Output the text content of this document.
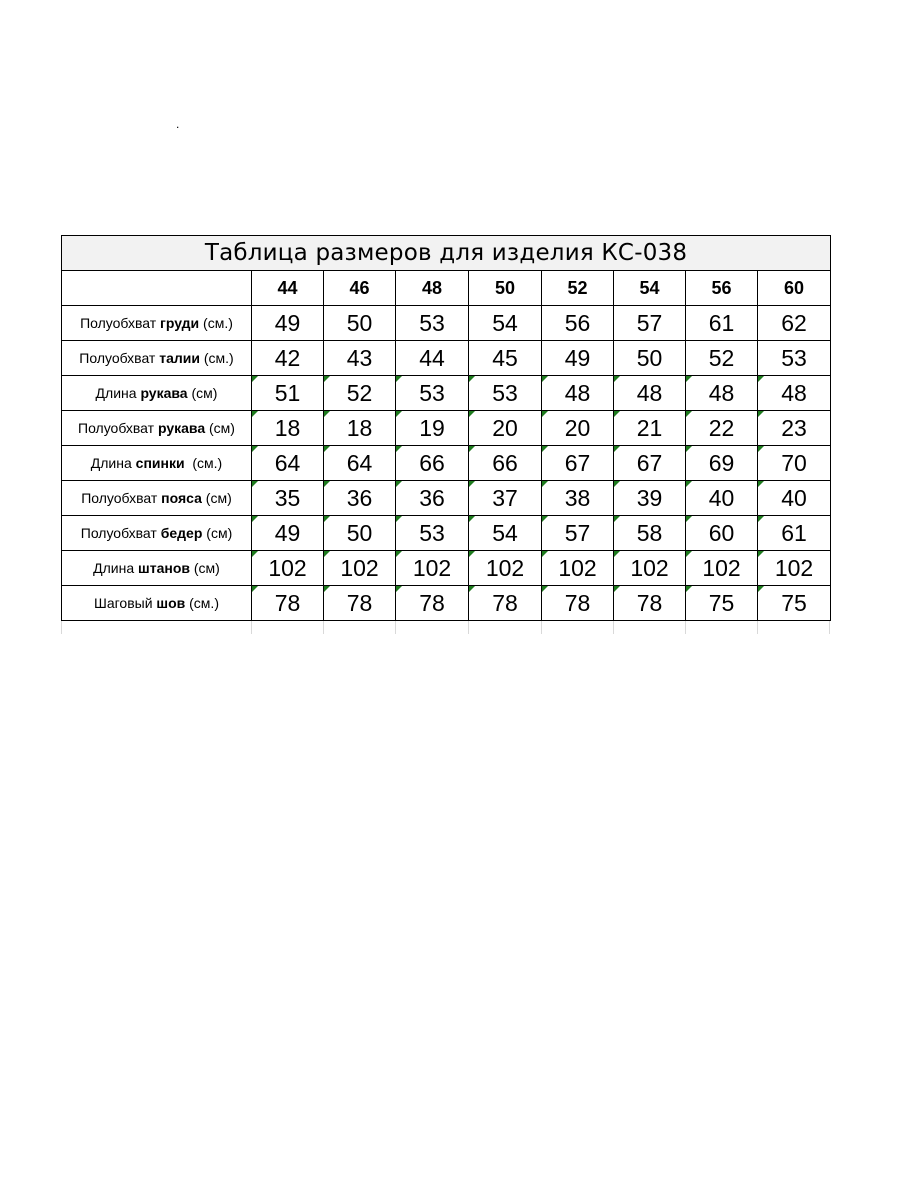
.
Таблица размеров для изделия КС-038								
	44	46	48	50	52	54	56	60
Полуобхват груди (см.)	49	50	53	54	56	57	61	62
Полуобхват талии (см.)	42	43	44	45	49	50	52	53
Длина рукава (см)	51	52	53	53	48	48	48	48
Полуобхват рукава (см)	18	18	19	20	20	21	22	23
Длина спинки  (см.)	64	64	66	66	67	67	69	70
Полуобхват пояса (см)	35	36	36	37	38	39	40	40
Полуобхват бедер (см)	49	50	53	54	57	58	60	61
Длина штанов (см)	102	102	102	102	102	102	102	102
Шаговый шов (см.)	78	78	78	78	78	78	75	75
